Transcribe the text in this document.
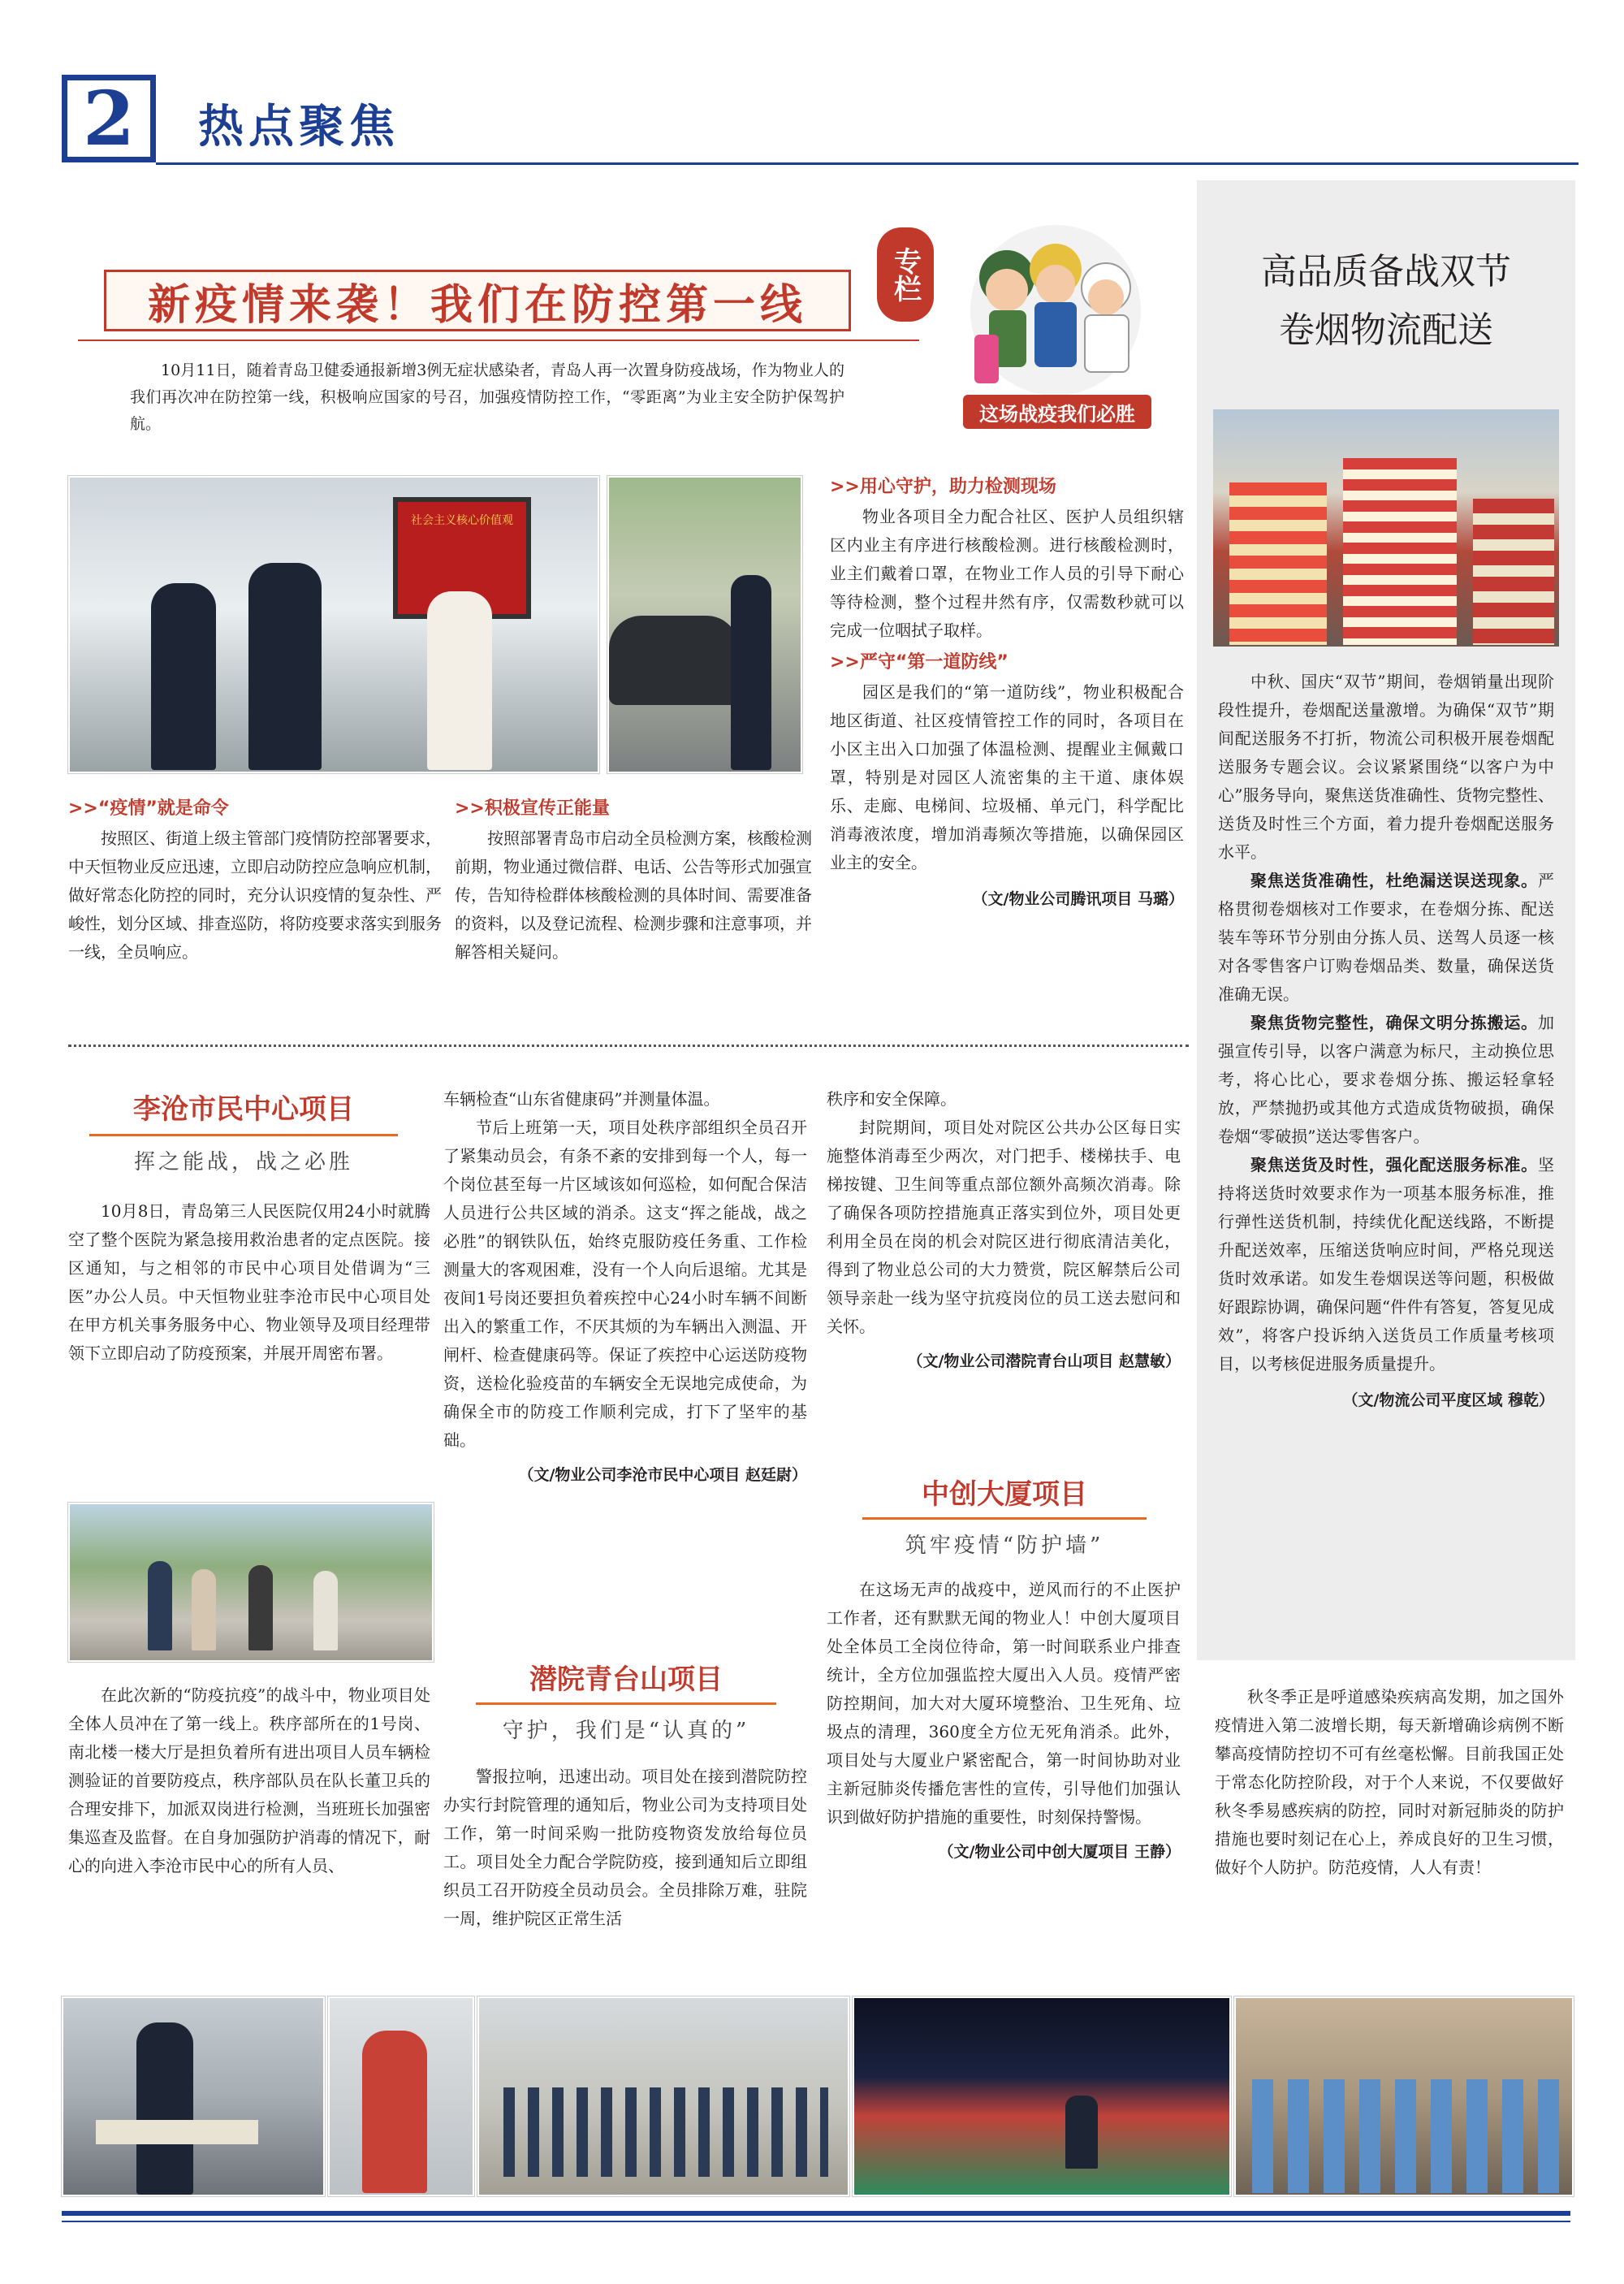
2 热点聚焦
新疫情来袭！我们在防控第一线
专栏
这场战疫我们必胜
10月11日，随着青岛卫健委通报新增3例无症状感染者，青岛人再一次置身防疫战场，作为物业人的我们再次冲在防控第一线，积极响应国家的号召，加强疫情防控工作，“零距离”为业主安全防护保驾护航。
社会主义核心价值观
>>“疫情”就是命令

按照区、街道上级主管部门疫情防控部署要求，中天恒物业反应迅速，立即启动防控应急响应机制，做好常态化防控的同时，充分认识疫情的复杂性、严峻性，划分区域、排查巡防，将防疫要求落实到服务一线，全员响应。

>>积极宣传正能量

按照部署青岛市启动全员检测方案，核酸检测前期，物业通过微信群、电话、公告等形式加强宣传，告知待检群体核酸检测的具体时间、需要准备的资料，以及登记流程、检测步骤和注意事项，并解答相关疑问。

>>用心守护，助力检测现场

物业各项目全力配合社区、医护人员组织辖区内业主有序进行核酸检测。进行核酸检测时，业主们戴着口罩，在物业工作人员的引导下耐心等待检测，整个过程井然有序，仅需数秒就可以完成一位咽拭子取样。

>>严守“第一道防线”

园区是我们的“第一道防线”，物业积极配合地区街道、社区疫情管控工作的同时，各项目在小区主出入口加强了体温检测、提醒业主佩戴口罩，特别是对园区人流密集的主干道、康体娱乐、走廊、电梯间、垃圾桶、单元门，科学配比消毒液浓度，增加消毒频次等措施，以确保园区业主的安全。

（文/物业公司腾讯项目 马璐）
高品质备战双节
卷烟物流配送

中秋、国庆“双节”期间，卷烟销量出现阶段性提升，卷烟配送量激增。为确保“双节”期间配送服务不打折，物流公司积极开展卷烟配送服务专题会议。会议紧紧围绕“以客户为中心”服务导向，聚焦送货准确性、货物完整性、送货及时性三个方面，着力提升卷烟配送服务水平。

聚焦送货准确性，杜绝漏送误送现象。严格贯彻卷烟核对工作要求，在卷烟分拣、配送装车等环节分别由分拣人员、送驾人员逐一核对各零售客户订购卷烟品类、数量，确保送货准确无误。

聚焦货物完整性，确保文明分拣搬运。加强宣传引导，以客户满意为标尺，主动换位思考，将心比心，要求卷烟分拣、搬运轻拿轻放，严禁抛扔或其他方式造成货物破损，确保卷烟“零破损”送达零售客户。

聚焦送货及时性，强化配送服务标准。坚持将送货时效要求作为一项基本服务标准，推行弹性送货机制，持续优化配送线路，不断提升配送效率，压缩送货响应时间，严格兑现送货时效承诺。如发生卷烟误送等问题，积极做好跟踪协调，确保问题“件件有答复，答复见成效”，将客户投诉纳入送货员工作质量考核项目，以考核促进服务质量提升。

（文/物流公司平度区域 穆乾）
李沧市民中心项目
挥之能战，战之必胜

10月8日，青岛第三人民医院仅用24小时就腾空了整个医院为紧急接用救治患者的定点医院。接区通知，与之相邻的市民中心项目处借调为“三医”办公人员。中天恒物业驻李沧市民中心项目处在甲方机关事务服务中心、物业领导及项目经理带领下立即启动了防疫预案，并展开周密布署。

在此次新的“防疫抗疫”的战斗中，物业项目处全体人员冲在了第一线上。秩序部所在的1号岗、南北楼一楼大厅是担负着所有进出项目人员车辆检测验证的首要防疫点，秩序部队员在队长董卫兵的合理安排下，加派双岗进行检测，当班班长加强密集巡查及监督。在自身加强防护消毒的情况下，耐心的向进入李沧市民中心的所有人员、

车辆检查“山东省健康码”并测量体温。

节后上班第一天，项目处秩序部组织全员召开了紧集动员会，有条不紊的安排到每一个人，每一个岗位甚至每一片区域该如何巡检，如何配合保洁人员进行公共区域的消杀。这支“挥之能战，战之必胜”的钢铁队伍，始终克服防疫任务重、工作检测量大的客观困难，没有一个人向后退缩。尤其是夜间1号岗还要担负着疾控中心24小时车辆不间断出入的繁重工作，不厌其烦的为车辆出入测温、开闸杆、检查健康码等。保证了疾控中心运送防疫物资，送检化验疫苗的车辆安全无误地完成使命，为确保全市的防疫工作顺利完成，打下了坚牢的基础。

（文/物业公司李沧市民中心项目 赵廷尉）
潜院青台山项目
守护，我们是“认真的”

警报拉响，迅速出动。项目处在接到潜院防控办实行封院管理的通知后，物业公司为支持项目处工作，第一时间采购一批防疫物资发放给每位员工。项目处全力配合学院防疫，接到通知后立即组织员工召开防疫全员动员会。全员排除万难，驻院一周，维护院区正常生活

秩序和安全保障。

封院期间，项目处对院区公共办公区每日实施整体消毒至少两次，对门把手、楼梯扶手、电梯按键、卫生间等重点部位额外高频次消毒。除了确保各项防控措施真正落实到位外，项目处更利用全员在岗的机会对院区进行彻底清洁美化，得到了物业总公司的大力赞赏，院区解禁后公司领导亲赴一线为坚守抗疫岗位的员工送去慰问和关怀。

（文/物业公司潜院青台山项目 赵慧敏）
中创大厦项目
筑牢疫情“防护墙”

在这场无声的战疫中，逆风而行的不止医护工作者，还有默默无闻的物业人！中创大厦项目处全体员工全岗位待命，第一时间联系业户排查统计，全方位加强监控大厦出入人员。疫情严密防控期间，加大对大厦环境整治、卫生死角、垃圾点的清理，360度全方位无死角消杀。此外，项目处与大厦业户紧密配合，第一时间协助对业主新冠肺炎传播危害性的宣传，引导他们加强认识到做好防护措施的重要性，时刻保持警惕。

（文/物业公司中创大厦项目 王静）

秋冬季正是呼道感染疾病高发期，加之国外疫情进入第二波增长期，每天新增确诊病例不断攀高疫情防控切不可有丝毫松懈。目前我国正处于常态化防控阶段，对于个人来说，不仅要做好秋冬季易感疾病的防控，同时对新冠肺炎的防护措施也要时刻记在心上，养成良好的卫生习惯，做好个人防护。防范疫情，人人有责！
